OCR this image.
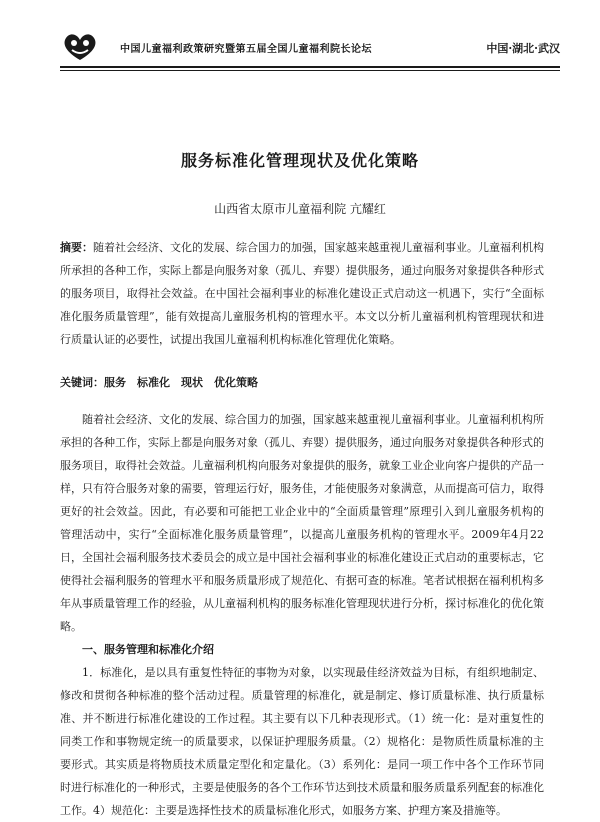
中国儿童福利政策研究暨第五届全国儿童福利院长论坛	中国·湖北·武汉
服务标准化管理现状及优化策略
山西省太原市儿童福利院 亢耀红
摘要：随着社会经济、文化的发展、综合国力的加强，国家越来越重视儿童福利事业。儿童福利机构所承担的各种工作，实际上都是向服务对象（孤儿、弃婴）提供服务，通过向服务对象提供各种形式的服务项目，取得社会效益。在中国社会福利事业的标准化建设正式启动这一机遇下，实行“全面标准化服务质量管理”，能有效提高儿童服务机构的管理水平。本文以分析儿童福利机构管理现状和进行质量认证的必要性，试提出我国儿童福利机构标准化管理优化策略。
关键词：服务　标准化　现状　优化策略

随着社会经济、文化的发展、综合国力的加强，国家越来越重视儿童福利事业。儿童福利机构所承担的各种工作，实际上都是向服务对象（孤儿、弃婴）提供服务，通过向服务对象提供各种形式的服务项目，取得社会效益。儿童福利机构向服务对象提供的服务，就象工业企业向客户提供的产品一样，只有符合服务对象的需要，管理运行好，服务佳，才能使服务对象满意，从而提高可信力，取得更好的社会效益。因此，有必要和可能把工业企业中的“全面质量管理”原理引入到儿童服务机构的管理活动中，实行“全面标准化服务质量管理”，以提高儿童服务机构的管理水平。2009年4月22日，全国社会福利服务技术委员会的成立是中国社会福利事业的标准化建设正式启动的重要标志，它使得社会福利服务的管理水平和服务质量形成了规范化、有据可查的标准。笔者试根据在福利机构多年从事质量管理工作的经验，从儿童福利机构的服务标准化管理现状进行分析，探讨标准化的优化策略。

一、服务管理和标准化介绍

1．标准化，是以具有重复性特征的事物为对象，以实现最佳经济效益为目标，有组织地制定、修改和贯彻各种标准的整个活动过程。质量管理的标准化，就是制定、修订质量标准、执行质量标准、并不断进行标准化建设的工作过程。其主要有以下几种表现形式。（1）统一化：是对重复性的同类工作和事物规定统一的质量要求，以保证护理服务质量。（2）规格化：是物质性质量标准的主要形式。其实质是将物质技术质量定型化和定量化。（3）系列化：是同一项工作中各个工作环节同时进行标准化的一种形式，主要是使服务的各个工作环节达到技术质量和服务质量系列配套的标准化工作。4）规范化：主要是选择性技术的质量标准化形式，如服务方案、护理方案及措施等。
